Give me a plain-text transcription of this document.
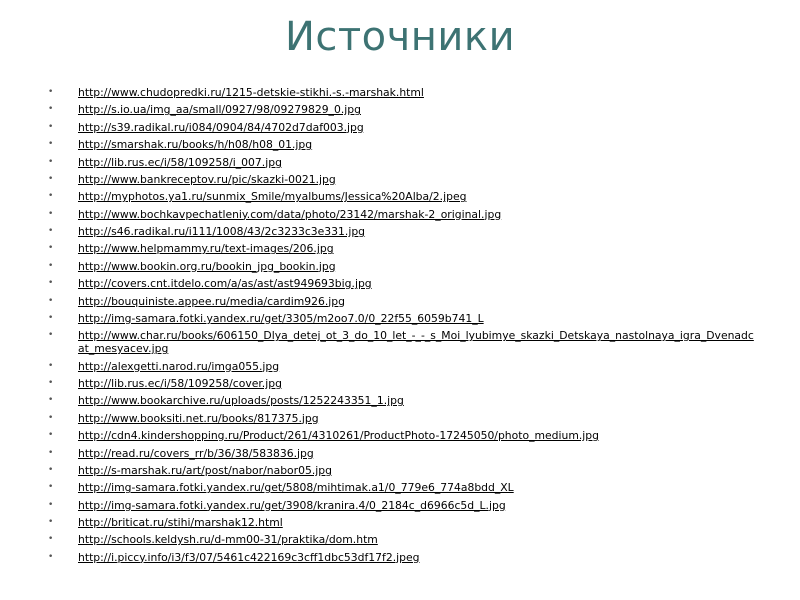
Источники
• http://www.chudopredki.ru/1215-detskie-stikhi.-s.-marshak.html
• http://s.io.ua/img_aa/small/0927/98/09279829_0.jpg
• http://s39.radikal.ru/i084/0904/84/4702d7daf003.jpg
• http://smarshak.ru/books/h/h08/h08_01.jpg
• http://lib.rus.ec/i/58/109258/i_007.jpg
• http://www.bankreceptov.ru/pic/skazki-0021.jpg
• http://myphotos.ya1.ru/sunmix_Smile/myalbums/Jessica%20Alba/2.jpeg
• http://www.bochkavpechatleniy.com/data/photo/23142/marshak-2_original.jpg
• http://s46.radikal.ru/i111/1008/43/2c3233c3e331.jpg
• http://www.helpmammy.ru/text-images/206.jpg
• http://www.bookin.org.ru/bookin_jpg_bookin.jpg
• http://covers.cnt.itdelo.com/a/as/ast/ast949693big.jpg
• http://bouquiniste.appee.ru/media/cardim926.jpg
• http://img-samara.fotki.yandex.ru/get/3305/m2oo7.0/0_22f55_6059b741_L
• http://www.char.ru/books/606150_Dlya_detej_ot_3_do_10_let_-_-_s_Moi_lyubimye_skazki_Detskaya_nastolnaya_igra_Dvenadcat_mesyacev.jpg
• http://alexgetti.narod.ru/imga055.jpg
• http://lib.rus.ec/i/58/109258/cover.jpg
• http://www.bookarchive.ru/uploads/posts/1252243351_1.jpg
• http://www.booksiti.net.ru/books/817375.jpg
• http://cdn4.kindershopping.ru/Product/261/4310261/ProductPhoto-17245050/photo_medium.jpg
• http://read.ru/covers_rr/b/36/38/583836.jpg
• http://s-marshak.ru/art/post/nabor/nabor05.jpg
• http://img-samara.fotki.yandex.ru/get/5808/mihtimak.a1/0_779e6_774a8bdd_XL
• http://img-samara.fotki.yandex.ru/get/3908/kranira.4/0_2184c_d6966c5d_L.jpg
• http://briticat.ru/stihi/marshak12.html
• http://schools.keldysh.ru/d-mm00-31/praktika/dom.htm
• http://i.piccy.info/i3/f3/07/5461c422169c3cff1dbc53df17f2.jpeg
